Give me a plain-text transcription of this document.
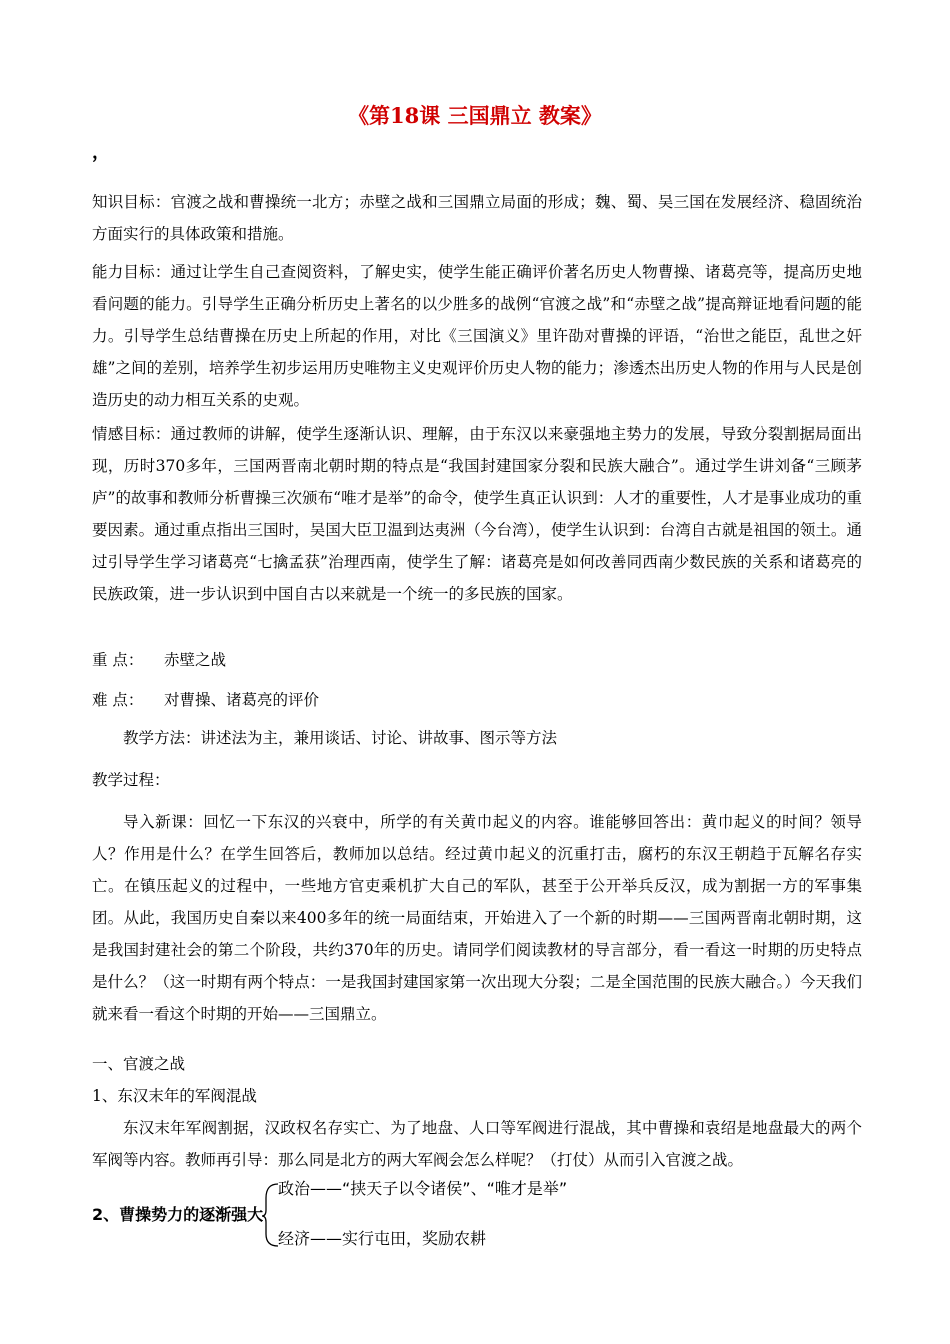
《第18课 三国鼎立 教案》
，
知识目标：官渡之战和曹操统一北方；赤壁之战和三国鼎立局面的形成；魏、蜀、吴三国在发展经济、稳固统治方面实行的具体政策和措施。
能力目标：通过让学生自己查阅资料，了解史实，使学生能正确评价著名历史人物曹操、诸葛亮等，提高历史地看问题的能力。引导学生正确分析历史上著名的以少胜多的战例“官渡之战”和“赤壁之战”提高辩证地看问题的能力。引导学生总结曹操在历史上所起的作用，对比《三国演义》里许劭对曹操的评语，“治世之能臣，乱世之奸雄”之间的差别，培养学生初步运用历史唯物主义史观评价历史人物的能力；渗透杰出历史人物的作用与人民是创造历史的动力相互关系的史观。
情感目标：通过教师的讲解，使学生逐渐认识、理解，由于东汉以来豪强地主势力的发展，导致分裂割据局面出现，历时370多年，三国两晋南北朝时期的特点是“我国封建国家分裂和民族大融合”。通过学生讲刘备“三顾茅庐”的故事和教师分析曹操三次颁布“唯才是举”的命令，使学生真正认识到：人才的重要性，人才是事业成功的重要因素。通过重点指出三国时，吴国大臣卫温到达夷洲（今台湾），使学生认识到：台湾自古就是祖国的领土。通过引导学生学习诸葛亮“七擒孟获”治理西南，使学生了解：诸葛亮是如何改善同西南少数民族的关系和诸葛亮的民族政策，进一步认识到中国自古以来就是一个统一的多民族的国家。
重 点： 赤壁之战
难 点： 对曹操、诸葛亮的评价
教学方法：讲述法为主，兼用谈话、讨论、讲故事、图示等方法
教学过程：
导入新课：回忆一下东汉的兴衰中，所学的有关黄巾起义的内容。谁能够回答出：黄巾起义的时间？领导人？作用是什么？在学生回答后，教师加以总结。经过黄巾起义的沉重打击，腐朽的东汉王朝趋于瓦解名存实亡。在镇压起义的过程中，一些地方官吏乘机扩大自己的军队，甚至于公开举兵反汉，成为割据一方的军事集团。从此，我国历史自秦以来400多年的统一局面结束，开始进入了一个新的时期——三国两晋南北朝时期，这是我国封建社会的第二个阶段，共约370年的历史。请同学们阅读教材的导言部分，看一看这一时期的历史特点是什么？（这一时期有两个特点：一是我国封建国家第一次出现大分裂；二是全国范围的民族大融合。）今天我们就来看一看这个时期的开始——三国鼎立。
一、官渡之战
1、东汉末年的军阀混战
东汉末年军阀割据，汉政权名存实亡、为了地盘、人口等军阀进行混战，其中曹操和袁绍是地盘最大的两个军阀等内容。教师再引导：那么同是北方的两大军阀会怎么样呢？（打仗）从而引入官渡之战。
2、曹操势力的逐渐强大
政治——“挟天子以令诸侯”、“唯才是举”
经济——实行屯田，奖励农耕
